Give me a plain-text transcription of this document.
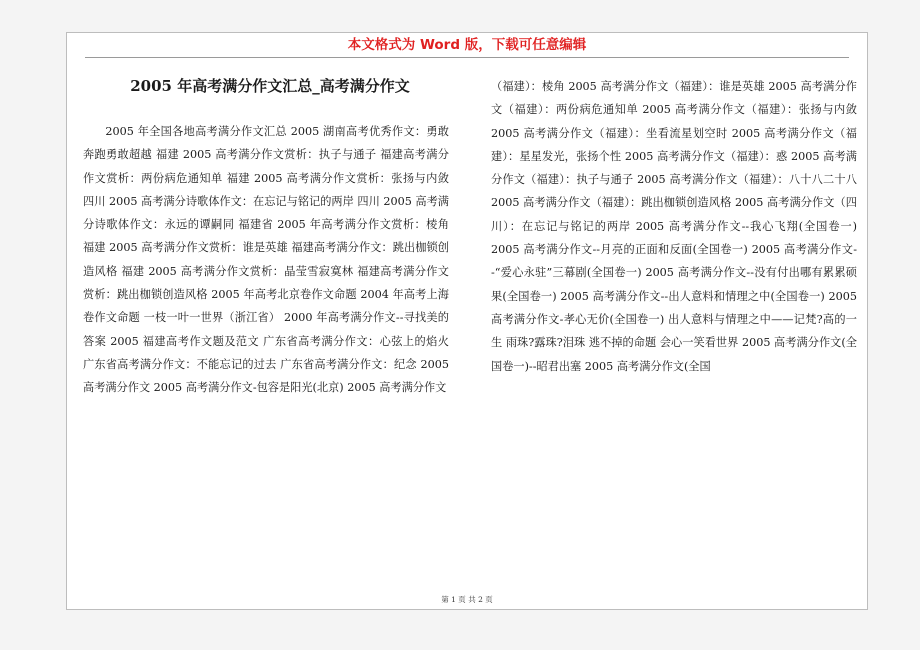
本文格式为 Word 版，下载可任意编辑
2005 年高考满分作文汇总_高考满分作文

2005 年全国各地高考满分作文汇总 2005 湖南高考优秀作文：勇敢奔跑勇敢超越 福建 2005 高考满分作文赏析：执子与通子 福建高考满分作文赏析：两份病危通知单 福建 2005 高考满分作文赏析：张扬与内敛 四川 2005 高考满分诗歌体作文：在忘记与铭记的两岸 四川 2005 高考满分诗歌体作文：永远的谭嗣同 福建省 2005 年高考满分作文赏析：棱角 福建 2005 高考满分作文赏析：谁是英雄 福建高考满分作文：跳出枷锁创造风格 福建 2005 高考满分作文赏析：晶莹雪寂寞林 福建高考满分作文赏析：跳出枷锁创造风格 2005 年高考北京卷作文命题 2004 年高考上海卷作文命题 一枝一叶一世界（浙江省） 2000 年高考满分作文--寻找美的答案 2005 福建高考作文题及范文 广东省高考满分作文：心弦上的焰火 广东省高考满分作文：不能忘记的过去 广东省高考满分作文：纪念 2005 高考满分作文 2005 高考满分作文-包容是阳光(北京) 2005 高考满分作文

（福建）：棱角 2005 高考满分作文（福建）：谁是英雄 2005 高考满分作文（福建）：两份病危通知单 2005 高考满分作文（福建）：张扬与内敛 2005 高考满分作文（福建）：坐看流星划空时 2005 高考满分作文（福建）：星星发光，张扬个性 2005 高考满分作文（福建）：惑 2005 高考满分作文（福建）：执子与通子 2005 高考满分作文（福建）：八十八二十八 2005 高考满分作文（福建）：跳出枷锁创造风格 2005 高考满分作文（四川）：在忘记与铭记的两岸 2005 高考满分作文--我心飞翔(全国卷一) 2005 高考满分作文--月亮的正面和反面(全国卷一) 2005 高考满分作文--“爱心永驻”三幕剧(全国卷一) 2005 高考满分作文--没有付出哪有累累硕果(全国卷一) 2005 高考满分作文--出人意料和情理之中(全国卷一) 2005 高考满分作文-孝心无价(全国卷一) 出人意料与情理之中——记梵?高的一生 雨珠?露珠?泪珠 逃不掉的命题 会心一笑看世界 2005 高考满分作文(全国卷一)--昭君出塞 2005 高考满分作文(全国

第 1 页 共 2 页
